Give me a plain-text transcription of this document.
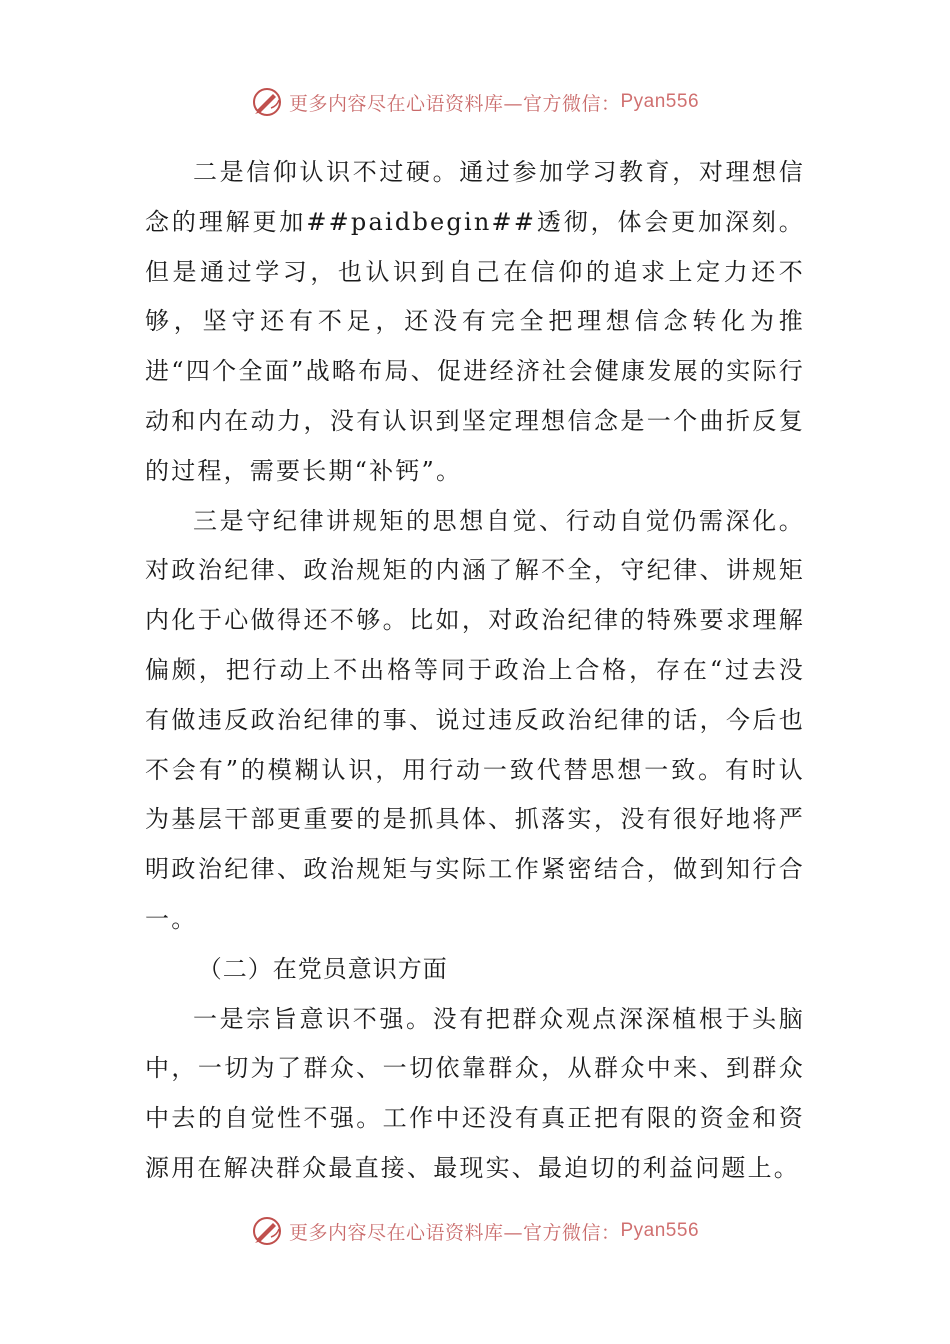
更多内容尽在心语资料库—官方微信： Pyan556

二是信仰认识不过硬。通过参加学习教育，对理想信念的理解更加##paidbegin##透彻，体会更加深刻。但是通过学习，也认识到自己在信仰的追求上定力还不够，坚守还有不足，还没有完全把理想信念转化为推进“四个全面”战略布局、促进经济社会健康发展的实际行动和内在动力，没有认识到坚定理想信念是一个曲折反复的过程，需要长期“补钙”。

三是守纪律讲规矩的思想自觉、行动自觉仍需深化。对政治纪律、政治规矩的内涵了解不全，守纪律、讲规矩内化于心做得还不够。比如，对政治纪律的特殊要求理解偏颇，把行动上不出格等同于政治上合格，存在“过去没有做违反政治纪律的事、说过违反政治纪律的话，今后也不会有”的模糊认识，用行动一致代替思想一致。有时认为基层干部更重要的是抓具体、抓落实，没有很好地将严明政治纪律、政治规矩与实际工作紧密结合，做到知行合一。

（二）在党员意识方面

一是宗旨意识不强。没有把群众观点深深植根于头脑中，一切为了群众、一切依靠群众，从群众中来、到群众中去的自觉性不强。工作中还没有真正把有限的资金和资源用在解决群众最直接、最现实、最迫切的利益问题上。

更多内容尽在心语资料库—官方微信： Pyan556
